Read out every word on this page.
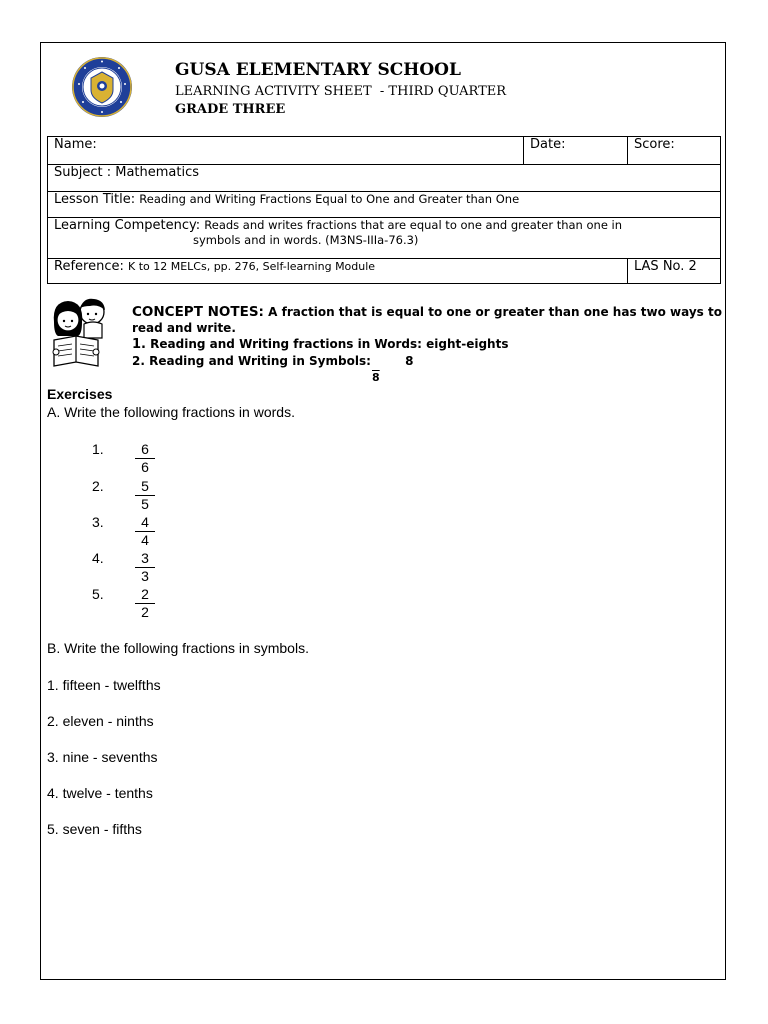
GUSA ELEMENTARY SCHOOL
LEARNING ACTIVITY SHEET  - THIRD QUARTER
GRADE THREE
Name:	Date:	Score:
Subject : Mathematics		
Lesson Title: Reading and Writing Fractions Equal to One and Greater than One		
Learning Competency: Reads and writes fractions that are equal to one and greater than one in
symbols and in words. (M3NS-IIIa-76.3)		

Reference: K to 12 MELCs, pp. 276, Self-learning Module		LAS No. 2
CONCEPT NOTES: A fraction that is equal to one or greater than one has two ways to read and write.
1. Reading and Writing fractions in Words: eight-eights
2. Reading and Writing in Symbols:	8
8
Exercises
A. Write the following fractions in words.
1.	6
6
2.	5
5
3.	4
4
4.	3
3
5.	2
2
B. Write the following fractions in symbols.
1. fifteen - twelfths
2. eleven - ninths
3. nine - sevenths
4. twelve - tenths
5. seven - fifths
